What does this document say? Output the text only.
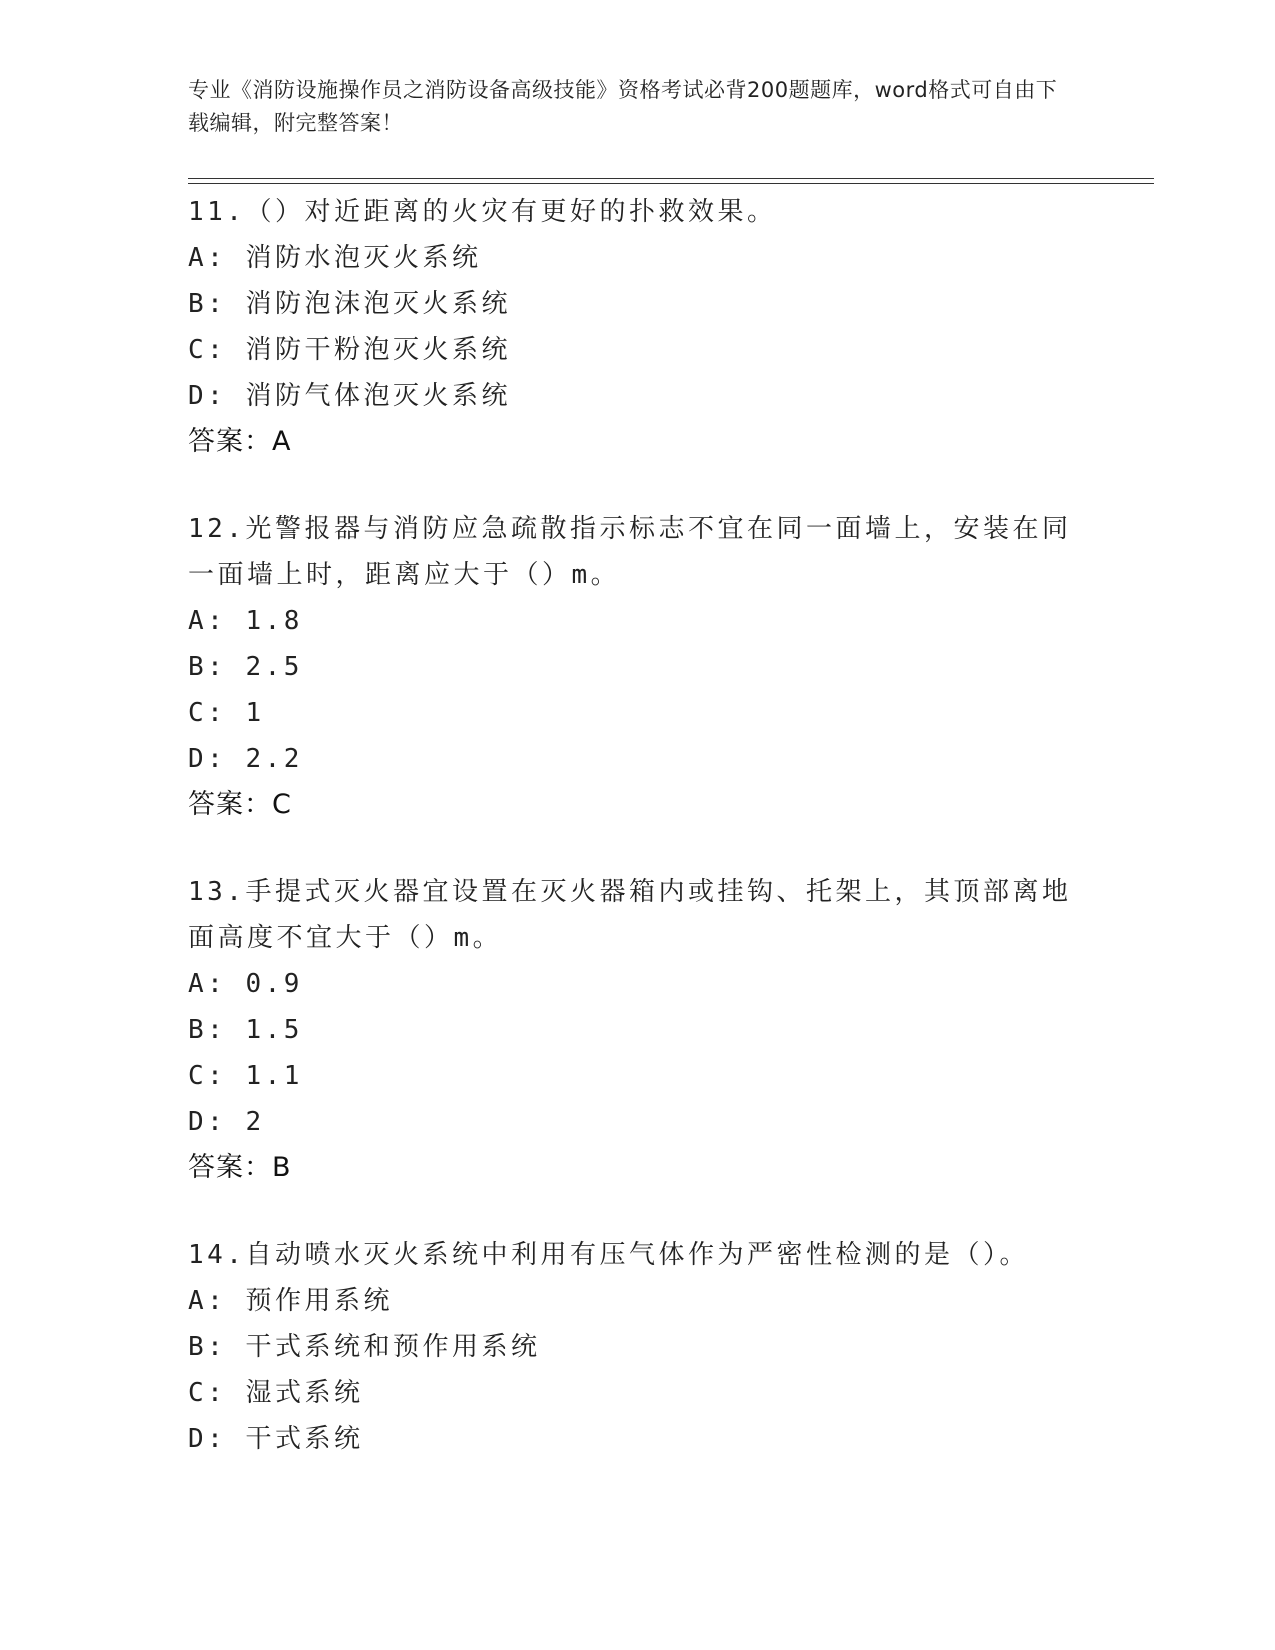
专业《消防设施操作员之消防设备高级技能》资格考试必背200题题库，word格式可自由下载编辑，附完整答案！

11.（）对近距离的火灾有更好的扑救效果。

A: 消防水泡灭火系统

B: 消防泡沫泡灭火系统

C: 消防干粉泡灭火系统

D: 消防气体泡灭火系统

答案：A

12.光警报器与消防应急疏散指示标志不宜在同一面墙上，安装在同一面墙上时，距离应大于（）m。

A: 1.8

B: 2.5

C: 1

D: 2.2

答案：C

13.手提式灭火器宜设置在灭火器箱内或挂钩、托架上，其顶部离地面高度不宜大于（）m。

A: 0.9

B: 1.5

C: 1.1

D: 2

答案：B

14.自动喷水灭火系统中利用有压气体作为严密性检测的是（）。

A: 预作用系统

B: 干式系统和预作用系统

C: 湿式系统

D: 干式系统
